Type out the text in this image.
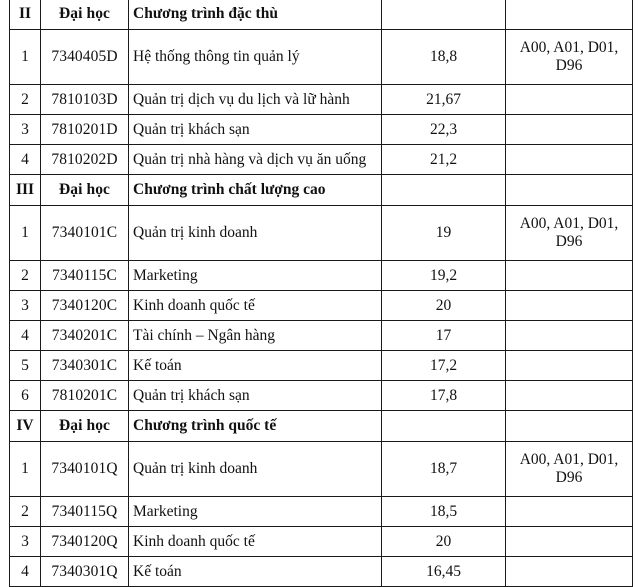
II	Đại học	Chương trình đặc thù		
1	7340405D	Hệ thống thông tin quản lý	18,8	A00, A01, D01, D96
2	7810103D	Quản trị dịch vụ du lịch và lữ hành	21,67	
3	7810201D	Quản trị khách sạn	22,3	
4	7810202D	Quản trị nhà hàng và dịch vụ ăn uống	21,2	
III	Đại học	Chương trình chất lượng cao		
1	7340101C	Quản trị kinh doanh	19	A00, A01, D01, D96
2	7340115C	Marketing	19,2	
3	7340120C	Kinh doanh quốc tế	20	
4	7340201C	Tài chính – Ngân hàng	17	
5	7340301C	Kế toán	17,2	
6	7810201C	Quản trị khách sạn	17,8	
IV	Đại học	Chương trình quốc tế		
1	7340101Q	Quản trị kinh doanh	18,7	A00, A01, D01, D96
2	7340115Q	Marketing	18,5	
3	7340120Q	Kinh doanh quốc tế	20	
4	7340301Q	Kế toán	16,45	
